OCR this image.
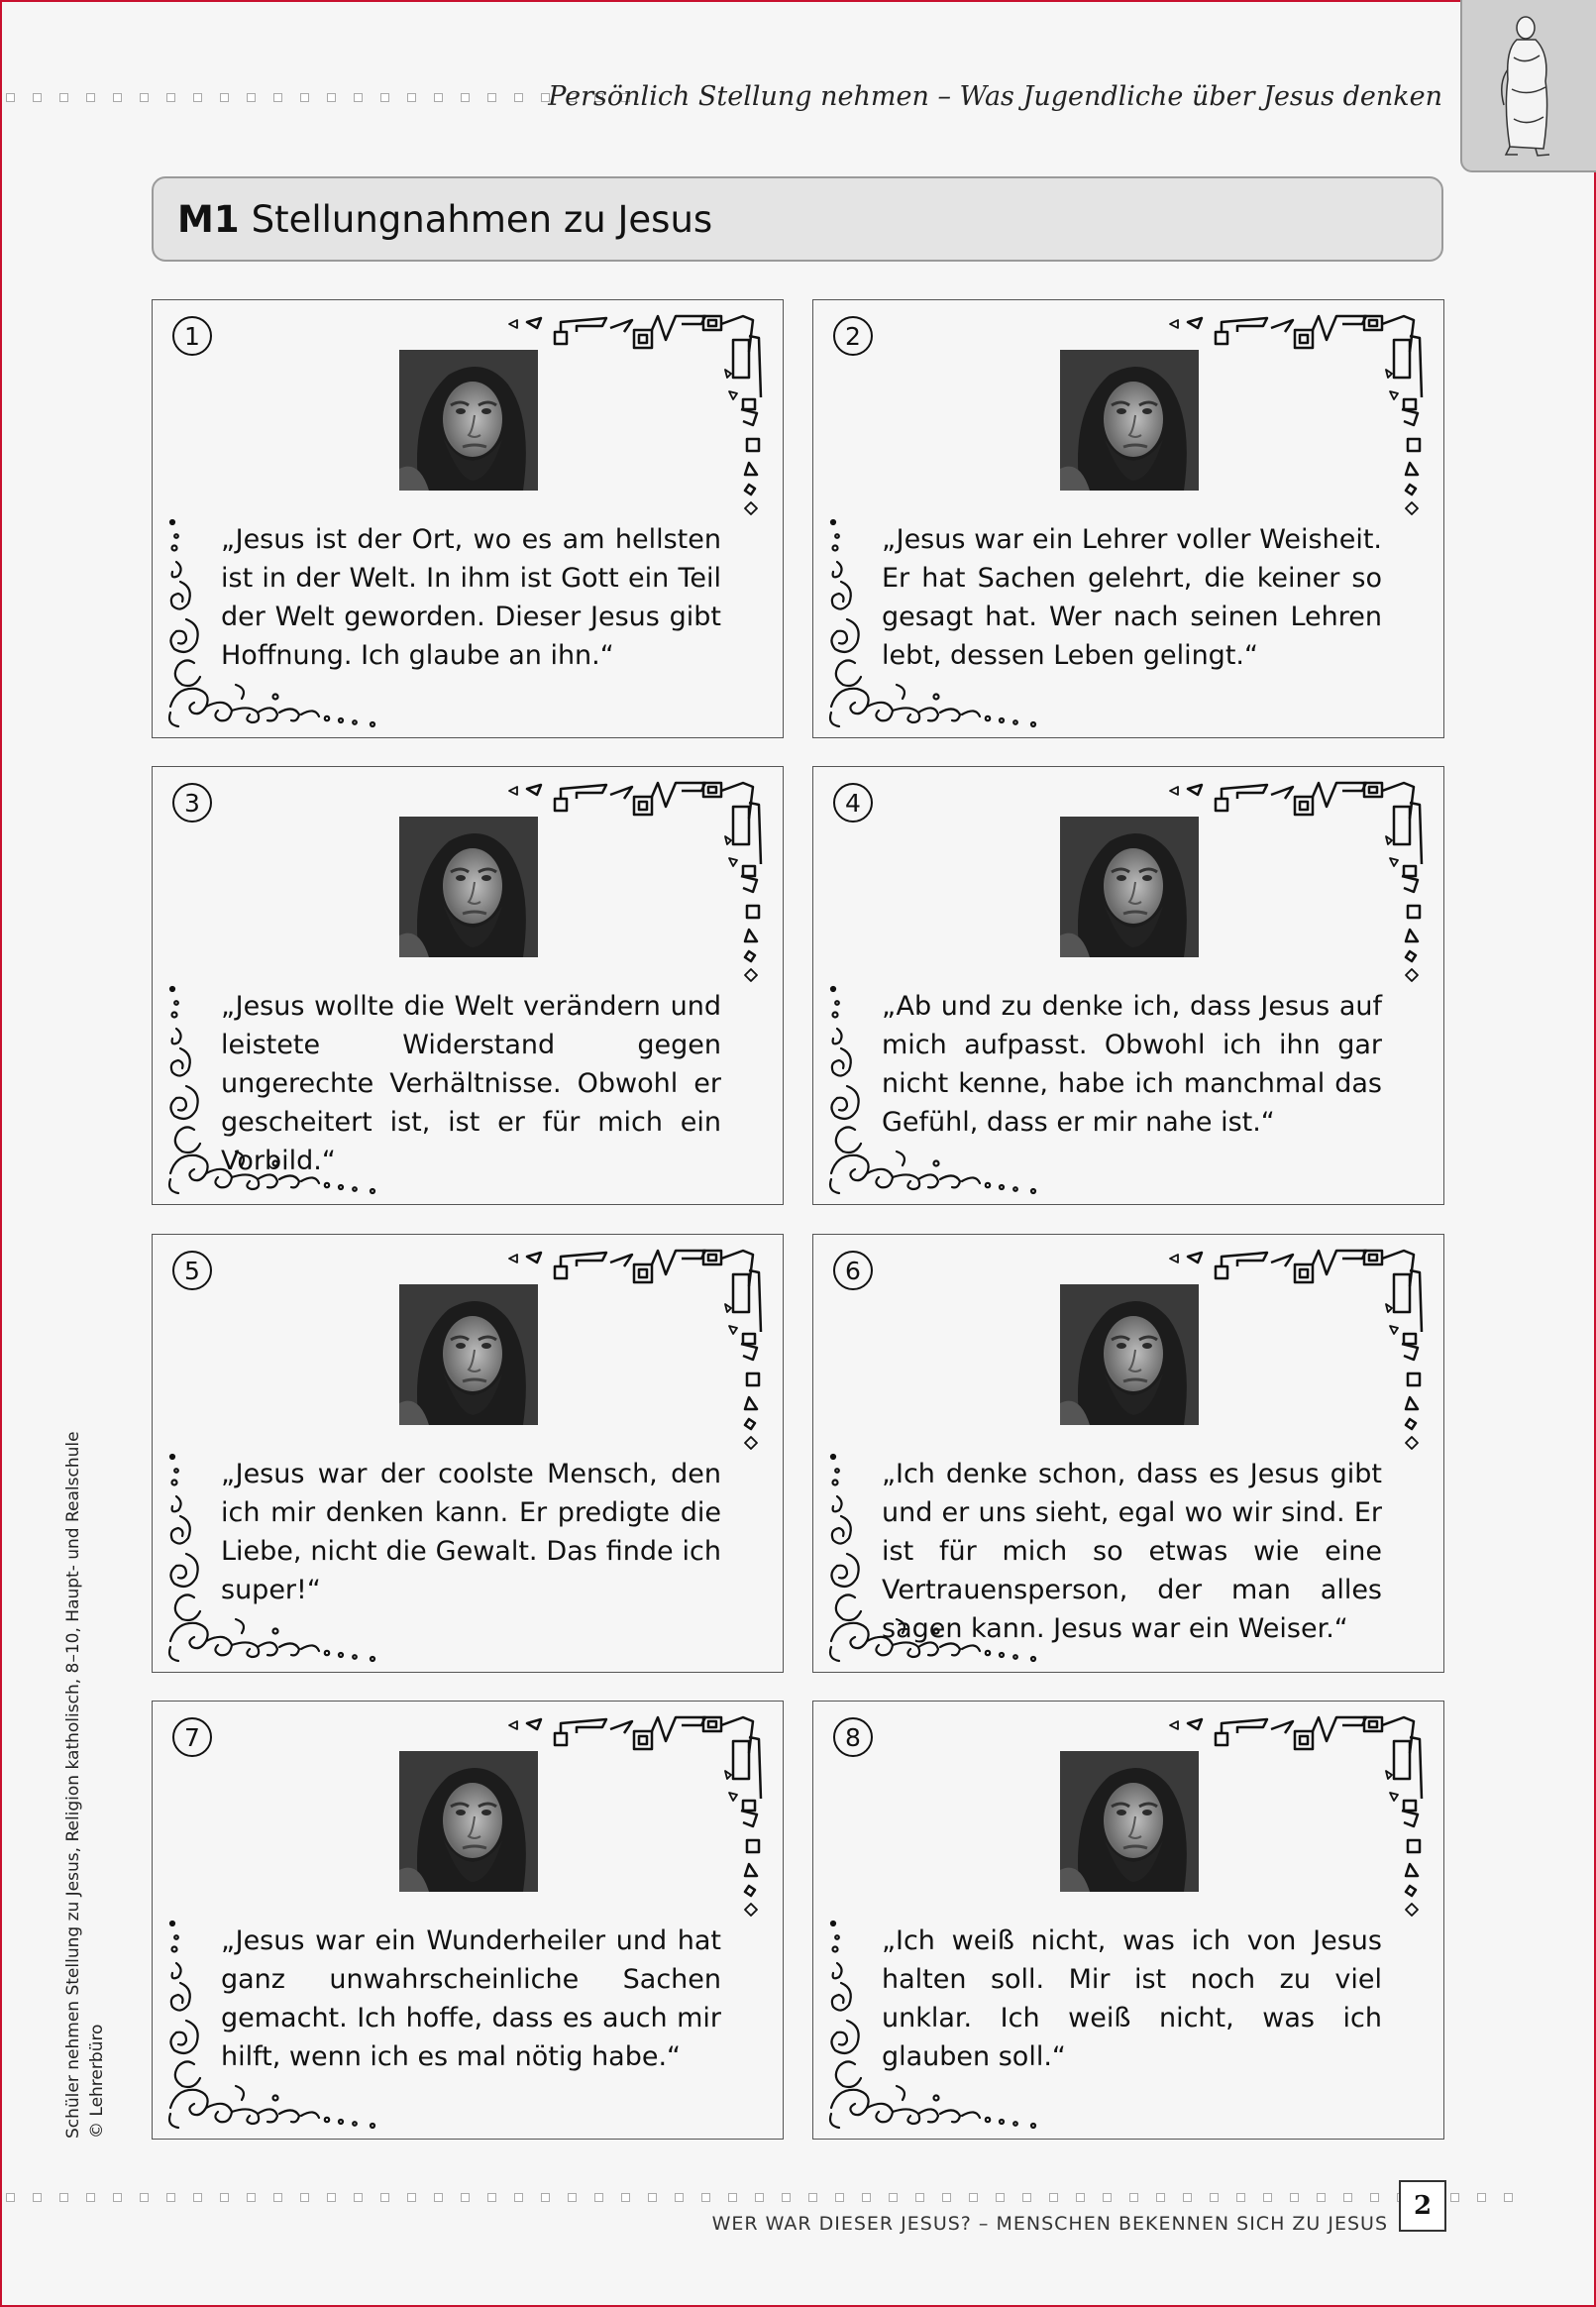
Persönlich Stellung nehmen – Was Jugendliche über Jesus denken
M1 Stellungnahmen zu Jesus
1
„Jesus ist der Ort, wo es am hellsten ist in der Welt. In ihm ist Gott ein Teil der Welt geworden. Dieser Jesus gibt Hoffnung. Ich glaube an ihn.“
2
„Jesus war ein Lehrer voller Weisheit. Er hat Sachen gelehrt, die keiner so gesagt hat. Wer nach seinen Lehren lebt, dessen Leben gelingt.“
3
„Jesus wollte die Welt verändern und leistete Widerstand gegen ungerechte Verhältnisse. Obwohl er gescheitert ist, ist er für mich ein Vorbild.“
4
„Ab und zu denke ich, dass Jesus auf mich aufpasst. Obwohl ich ihn gar nicht kenne, habe ich manchmal das Gefühl, dass er mir nahe ist.“
5
„Jesus war der coolste Mensch, den ich mir denken kann. Er predigte die Liebe, nicht die Gewalt. Das finde ich super!“
6
„Ich denke schon, dass es Jesus gibt und er uns sieht, egal wo wir sind. Er ist für mich so etwas wie eine Vertrauensperson, der man alles sagen kann. Jesus war ein Weiser.“
7
„Jesus war ein Wunderheiler und hat ganz unwahrscheinliche Sachen gemacht. Ich hoffe, dass es auch mir hilft, wenn ich es mal nötig habe.“
8
„Ich weiß nicht, was ich von Jesus halten soll. Mir ist noch zu viel unklar. Ich weiß nicht, was ich glauben soll.“
Schüler nehmen Stellung zu Jesus, Religion katholisch, 8–10, Haupt- und Realschule © Lehrerbüro
WER WAR DIESER JESUS? – MENSCHEN BEKENNEN SICH ZU JESUS
2
